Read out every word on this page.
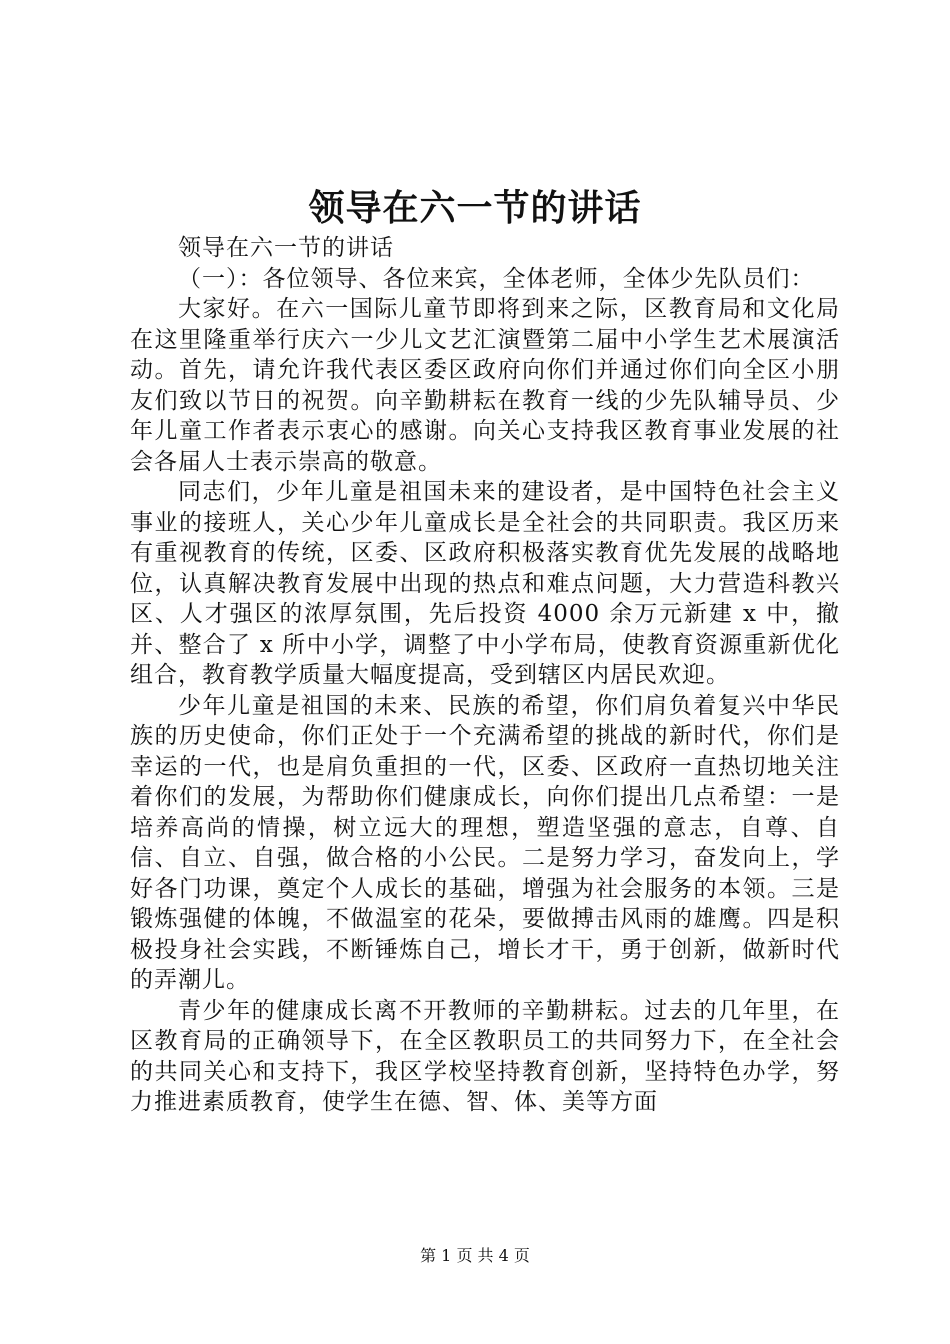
领导在六一节的讲话

领导在六一节的讲话

（一）：各位领导、各位来宾，全体老师，全体少先队员们：

大家好。在六一国际儿童节即将到来之际，区教育局和文化局在这里隆重举行庆六一少儿文艺汇演暨第二届中小学生艺术展演活动。首先，请允许我代表区委区政府向你们并通过你们向全区小朋友们致以节日的祝贺。向辛勤耕耘在教育一线的少先队辅导员、少年儿童工作者表示衷心的感谢。向关心支持我区教育事业发展的社会各届人士表示崇高的敬意。

同志们，少年儿童是祖国未来的建设者，是中国特色社会主义事业的接班人，关心少年儿童成长是全社会的共同职责。我区历来有重视教育的传统，区委、区政府积极落实教育优先发展的战略地位，认真解决教育发展中出现的热点和难点问题，大力营造科教兴区、人才强区的浓厚氛围，先后投资 4000 余万元新建 x 中，撤并、整合了 x 所中小学，调整了中小学布局，使教育资源重新优化组合，教育教学质量大幅度提高，受到辖区内居民欢迎。

少年儿童是祖国的未来、民族的希望，你们肩负着复兴中华民族的历史使命，你们正处于一个充满希望的挑战的新时代，你们是幸运的一代，也是肩负重担的一代，区委、区政府一直热切地关注着你们的发展，为帮助你们健康成长，向你们提出几点希望：一是培养高尚的情操，树立远大的理想，塑造坚强的意志，自尊、自信、自立、自强，做合格的小公民。二是努力学习，奋发向上，学好各门功课，奠定个人成长的基础，增强为社会服务的本领。三是锻炼强健的体魄，不做温室的花朵，要做搏击风雨的雄鹰。四是积极投身社会实践，不断锤炼自己，增长才干，勇于创新，做新时代的弄潮儿。

青少年的健康成长离不开教师的辛勤耕耘。过去的几年里，在区教育局的正确领导下，在全区教职员工的共同努力下，在全社会的共同关心和支持下，我区学校坚持教育创新，坚持特色办学，努力推进素质教育，使学生在德、智、体、美等方面

第 1 页 共 4 页
